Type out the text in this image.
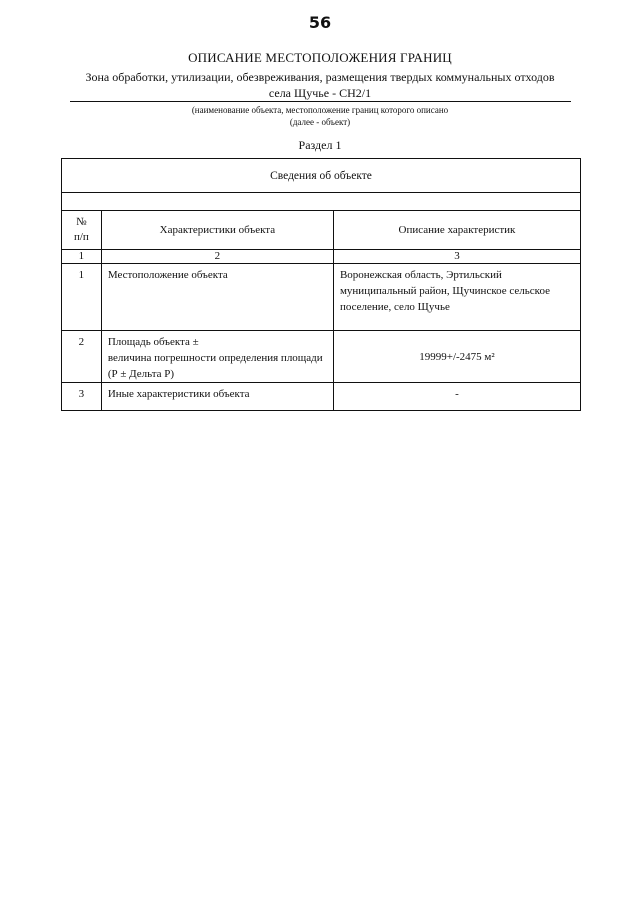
56
ОПИСАНИЕ МЕСТОПОЛОЖЕНИЯ ГРАНИЦ
Зона обработки, утилизации, обезвреживания, размещения твердых коммунальных отходов села Щучье - СН2/1
(наименование объекта, местоположение границ которого описано
(далее - объект)
Раздел 1
Сведения об объекте		

№
п/п	Характеристики объекта	Описание характеристик
1	2	3

1	Местоположение объекта	Воронежская область, Эртильский муниципальный район, Щучинское сельское поселение, село Щучье

2	Площадь объекта ±
величина погрешности определения площади (Р ± Дельта Р)	19999+/-2475 м²

3	Иные характеристики объекта	-
